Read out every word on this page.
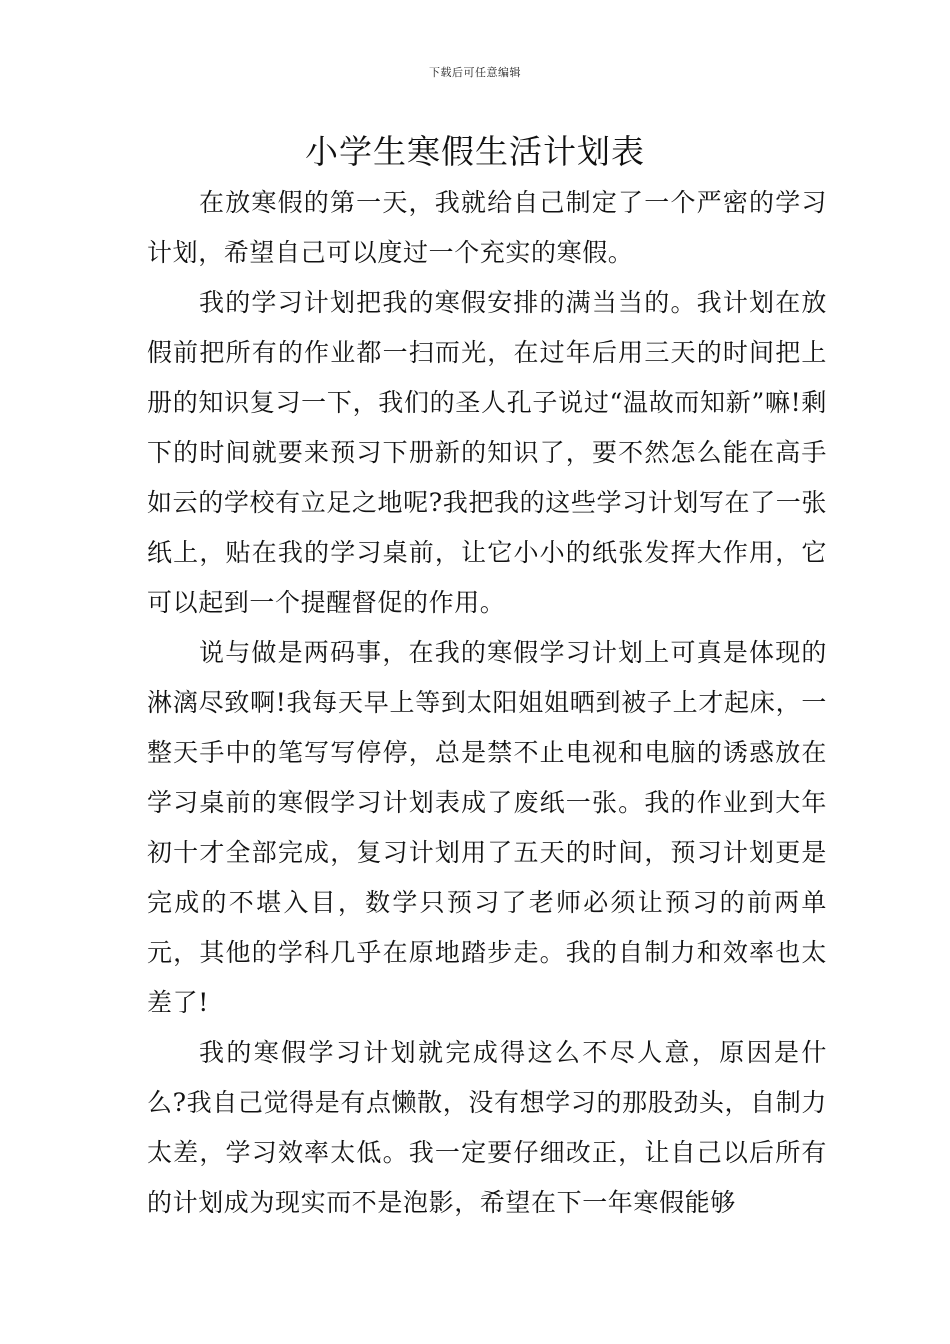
下载后可任意编辑
小学生寒假生活计划表

在放寒假的第一天，我就给自己制定了一个严密的学习计划，希望自己可以度过一个充实的寒假。

我的学习计划把我的寒假安排的满当当的。我计划在放假前把所有的作业都一扫而光，在过年后用三天的时间把上册的知识复习一下，我们的圣人孔子说过“温故而知新”嘛!剩下的时间就要来预习下册新的知识了，要不然怎么能在高手如云的学校有立足之地呢?我把我的这些学习计划写在了一张纸上，贴在我的学习桌前，让它小小的纸张发挥大作用，它可以起到一个提醒督促的作用。

说与做是两码事，在我的寒假学习计划上可真是体现的淋漓尽致啊!我每天早上等到太阳姐姐晒到被子上才起床，一整天手中的笔写写停停，总是禁不止电视和电脑的诱惑放在学习桌前的寒假学习计划表成了废纸一张。我的作业到大年初十才全部完成，复习计划用了五天的时间，预习计划更是完成的不堪入目，数学只预习了老师必须让预习的前两单元，其他的学科几乎在原地踏步走。我的自制力和效率也太差了!

我的寒假学习计划就完成得这么不尽人意，原因是什么?我自己觉得是有点懒散，没有想学习的那股劲头，自制力太差，学习效率太低。我一定要仔细改正，让自己以后所有的计划成为现实而不是泡影，希望在下一年寒假能够
